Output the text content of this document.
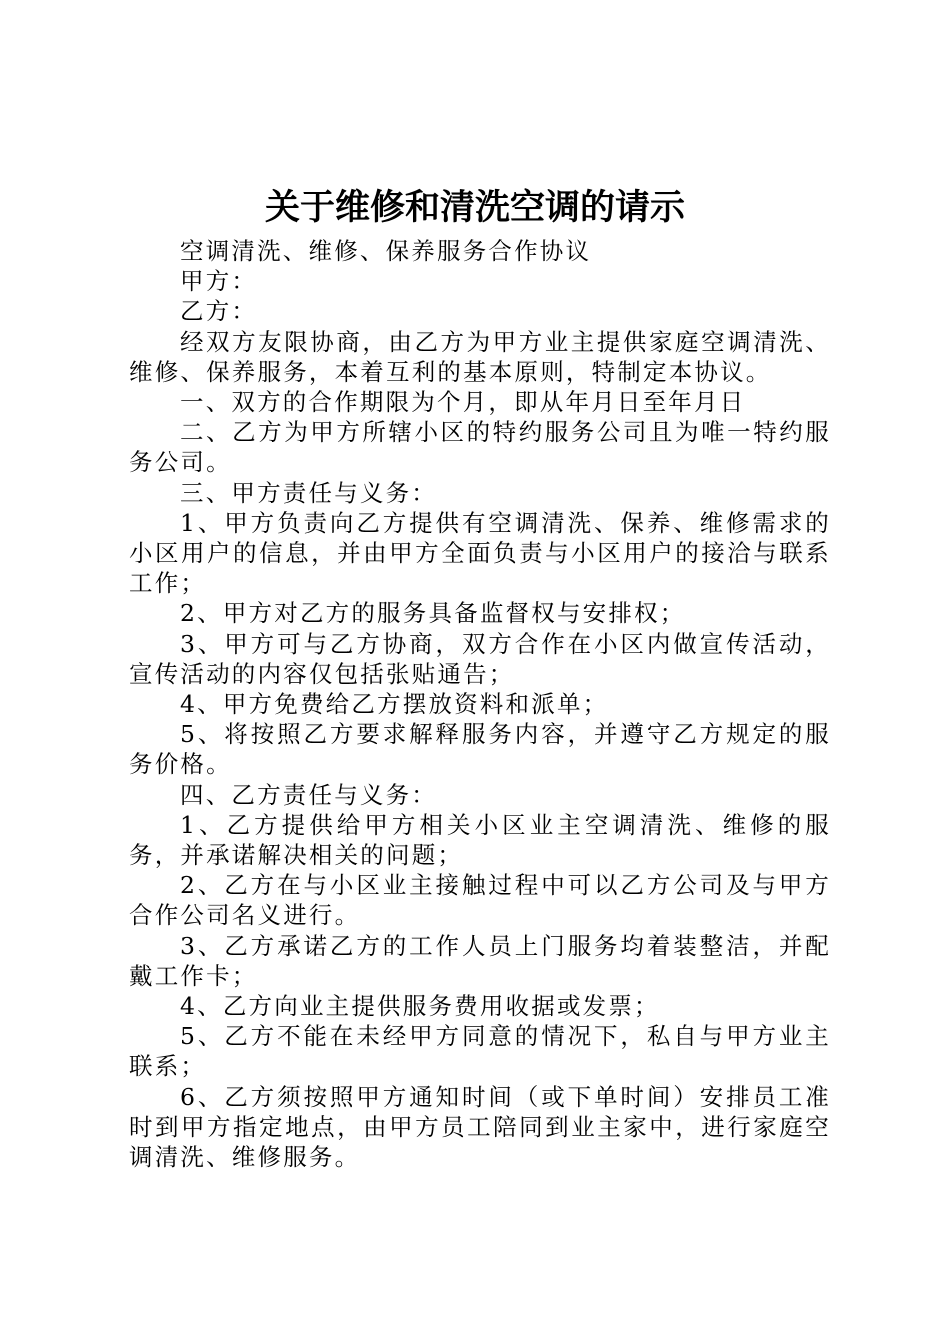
关于维修和清洗空调的请示

空调清洗、维修、保养服务合作协议

甲方：

乙方：

经双方友限协商，由乙方为甲方业主提供家庭空调清洗、维修、保养服务，本着互利的基本原则，特制定本协议。

一、双方的合作期限为个月，即从年月日至年月日

二、乙方为甲方所辖小区的特约服务公司且为唯一特约服务公司。

三、甲方责任与义务：

1、甲方负责向乙方提供有空调清洗、保养、维修需求的小区用户的信息，并由甲方全面负责与小区用户的接洽与联系工作；

2、甲方对乙方的服务具备监督权与安排权；

3、甲方可与乙方协商，双方合作在小区内做宣传活动，宣传活动的内容仅包括张贴通告；

4、甲方免费给乙方摆放资料和派单；

5、将按照乙方要求解释服务内容，并遵守乙方规定的服务价格。

四、乙方责任与义务：

1、乙方提供给甲方相关小区业主空调清洗、维修的服务，并承诺解决相关的问题；

2、乙方在与小区业主接触过程中可以乙方公司及与甲方合作公司名义进行。

3、乙方承诺乙方的工作人员上门服务均着装整洁，并配戴工作卡；

4、乙方向业主提供服务费用收据或发票；

5、乙方不能在未经甲方同意的情况下，私自与甲方业主联系；

6、乙方须按照甲方通知时间（或下单时间）安排员工准时到甲方指定地点，由甲方员工陪同到业主家中，进行家庭空调清洗、维修服务。
